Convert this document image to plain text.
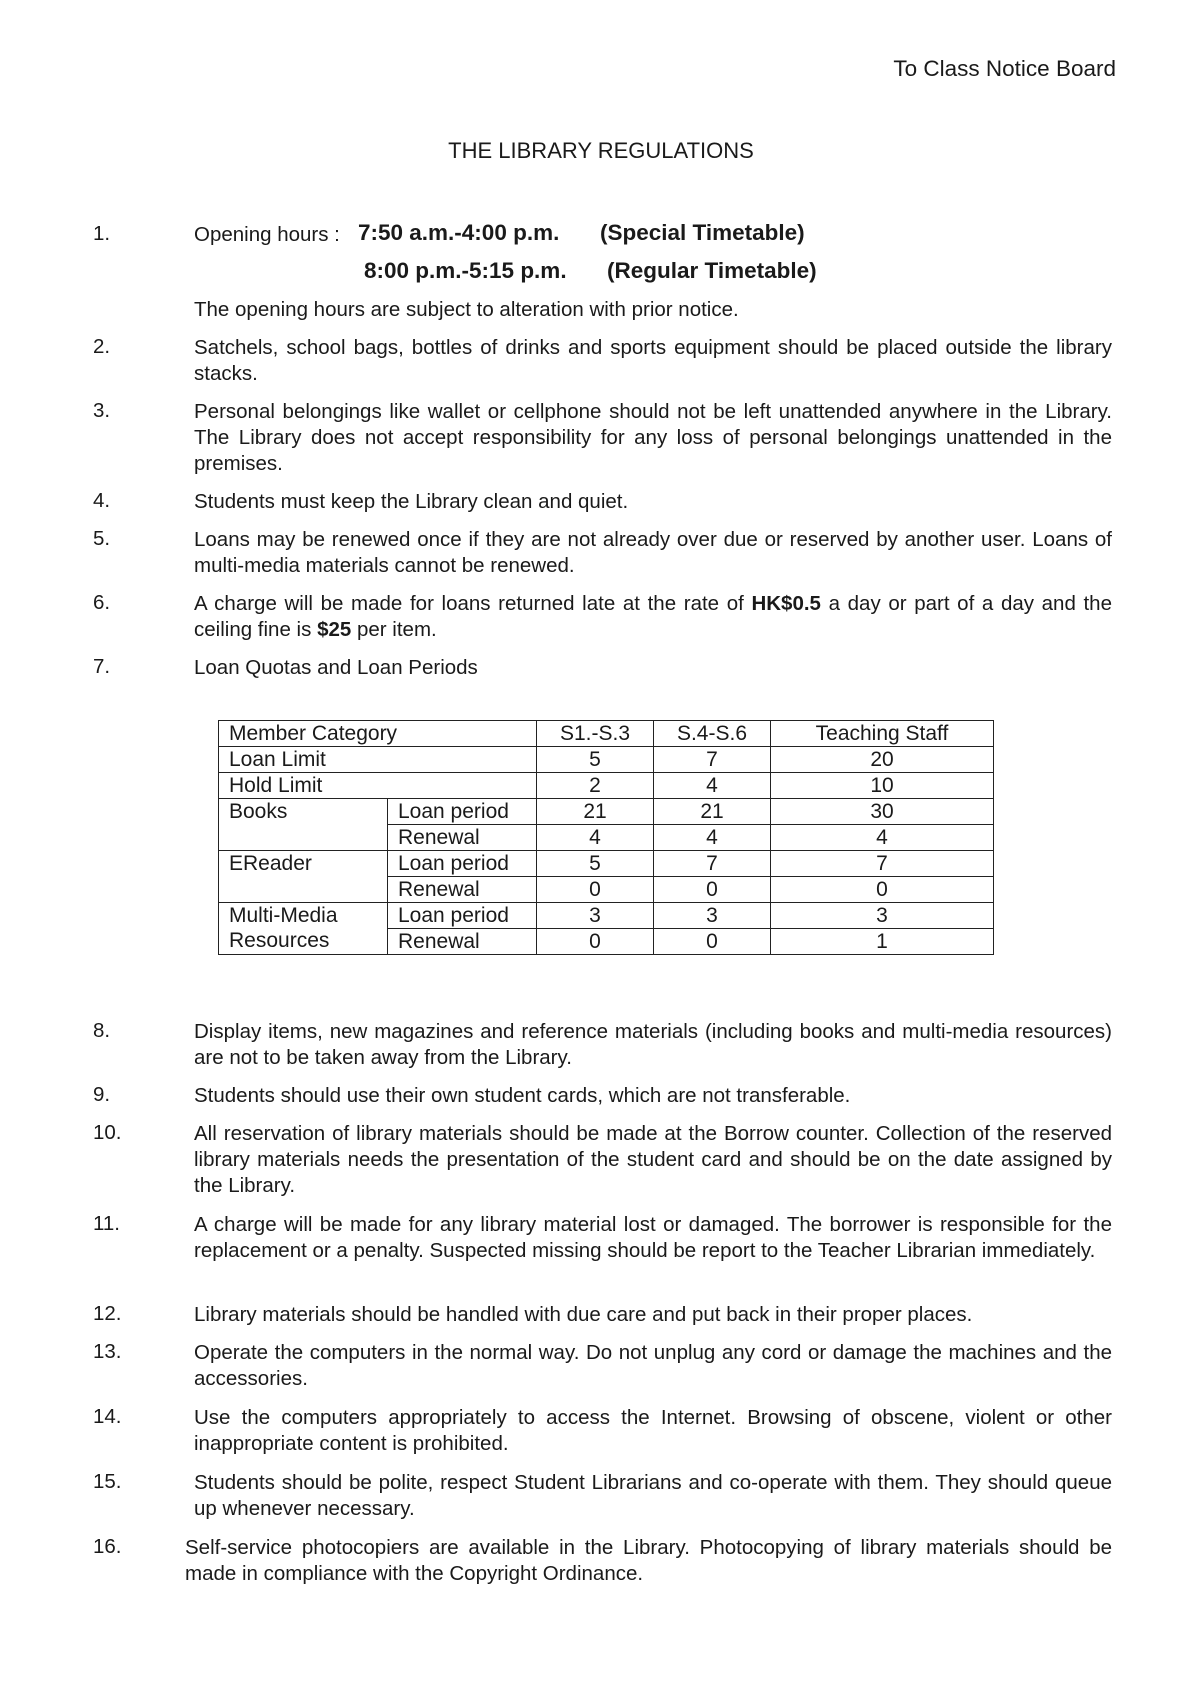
To Class Notice Board
THE LIBRARY REGULATIONS
1.	Opening hours : 7:50 a.m.-4:00 p.m. (Special Timetable)
8:00 p.m.-5:15 p.m. (Regular Timetable)
The opening hours are subject to alteration with prior notice.
2.	Satchels, school bags, bottles of drinks and sports equipment should be placed outside the library stacks.
3.	Personal belongings like wallet or cellphone should not be left unattended anywhere in the Library. The Library does not accept responsibility for any loss of personal belongings unattended in the premises.
4.	Students must keep the Library clean and quiet.
5.	Loans may be renewed once if they are not already over due or reserved by another user. Loans of multi-media materials cannot be renewed.
6.	A charge will be made for loans returned late at the rate of HK$0.5 a day or part of a day and the ceiling fine is $25 per item.
7.	Loan Quotas and Loan Periods
Member Category		S1.-S.3	S.4-S.6	Teaching Staff
Loan Limit		5	7	20
Hold Limit		2	4	10
Books	Loan period	21	21	30
	Renewal	4	4	4
EReader	Loan period	5	7	7
	Renewal	0	0	0
Multi-Media
Resources	Loan period	3	3	3
	Renewal	0	0	1
8.	Display items, new magazines and reference materials (including books and multi-media resources) are not to be taken away from the Library.
9.	Students should use their own student cards, which are not transferable.
10.	All reservation of library materials should be made at the Borrow counter. Collection of the reserved library materials needs the presentation of the student card and should be on the date assigned by the Library.
11.	A charge will be made for any library material lost or damaged. The borrower is responsible for the replacement or a penalty. Suspected missing should be report to the Teacher Librarian immediately.
12.	Library materials should be handled with due care and put back in their proper places.
13.	Operate the computers in the normal way. Do not unplug any cord or damage the machines and the accessories.
14.	Use the computers appropriately to access the Internet. Browsing of obscene, violent or other inappropriate content is prohibited.
15.	Students should be polite, respect Student Librarians and co-operate with them. They should queue up whenever necessary.
16.	Self-service photocopiers are available in the Library. Photocopying of library materials should be made in compliance with the Copyright Ordinance.
